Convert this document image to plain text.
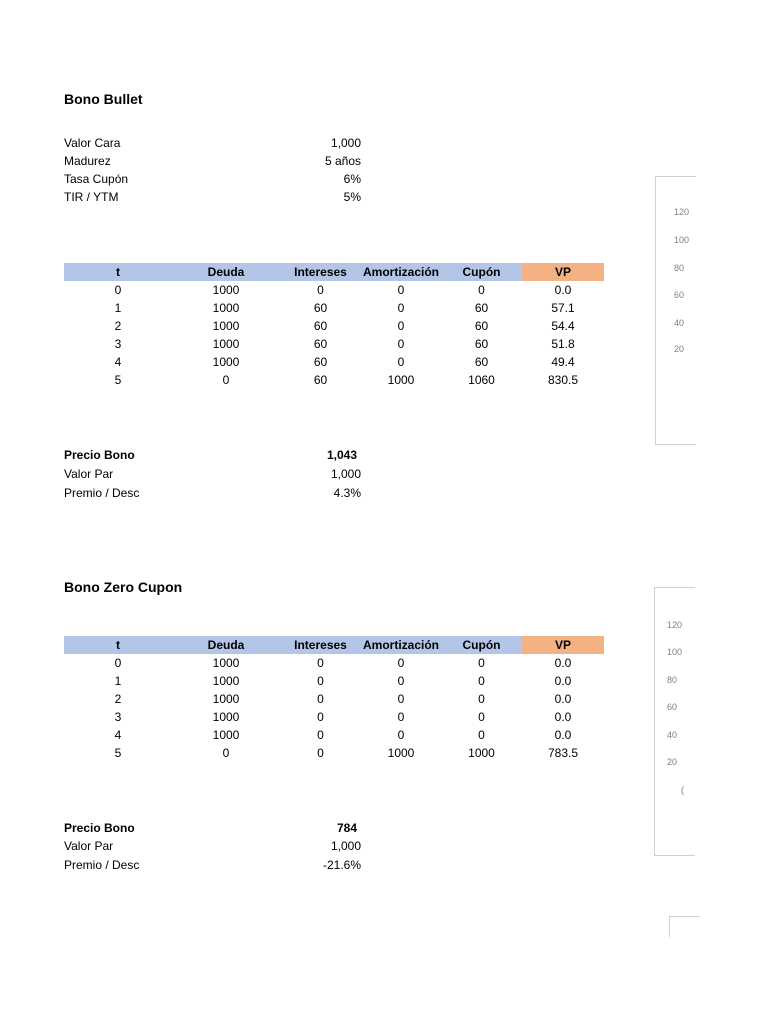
Bono Bullet
Valor Cara	1,000
Madurez	5 años
Tasa Cupón	6%
TIR / YTM	5%
t	Deuda	Intereses	Amortización	Cupón	VP
0	1000	0	0	0	0.0
1	1000	60	0	60	57.1
2	1000	60	0	60	54.4
3	1000	60	0	60	51.8
4	1000	60	0	60	49.4
5	0	60	1000	1060	830.5
Precio Bono	1,043
Valor Par	1,000
Premio / Desc	4.3%
120
100
80
60
40
20
Bono Zero Cupon
t	Deuda	Intereses	Amortización	Cupón	VP
0	1000	0	0	0	0.0
1	1000	0	0	0	0.0
2	1000	0	0	0	0.0
3	1000	0	0	0	0.0
4	1000	0	0	0	0.0
5	0	0	1000	1000	783.5
Precio Bono	784
Valor Par	1,000
Premio / Desc	-21.6%
120
100
80
60
40
20
(
